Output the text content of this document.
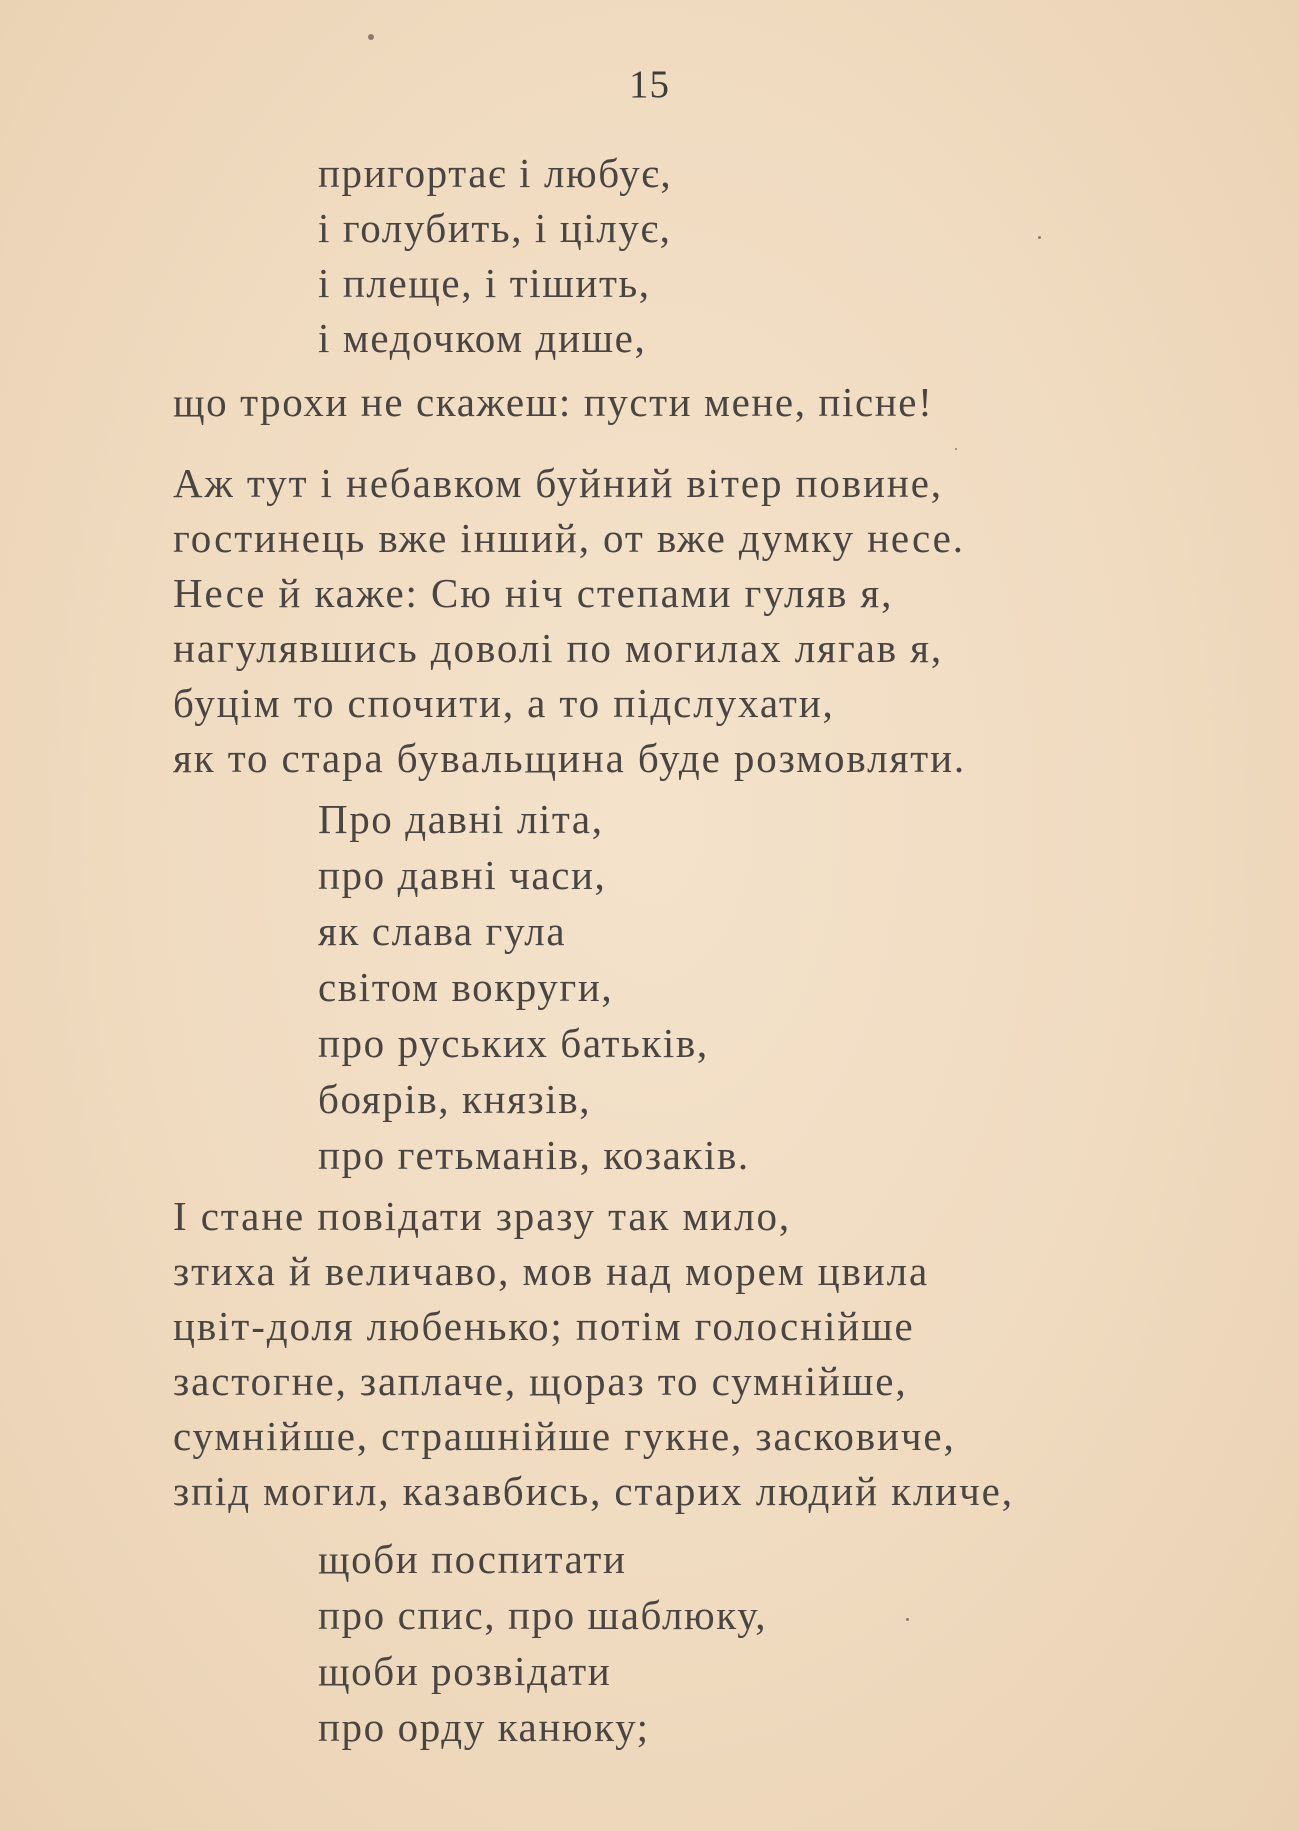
15
пригортає і любує,
і голубить, і цілує,
і плеще, і тішить,
і медочком дише,
що трохи не скажеш: пусти мене, пісне!
Аж тут і небавком буйний вітер повине,
гостинець вже інший, от вже думку несе.
Несе й каже: Сю ніч степами гуляв я,
нагулявшись доволі по могилах лягав я,
буцім то спочити, а то підслухати,
як то стара бувальщина буде розмовляти.
Про давні літа,
про давні часи,
як слава гула
світом вокруги,
про руських батьків,
боярів, князів,
про гетьманів, козаків.
І стане повідати зразу так мило,
зтиха й величаво, мов над морем цвила
цвіт-доля любенько; потім голоснійше
застогне, заплаче, щораз то сумнійше,
сумнійше, страшнійше гукне, засковиче,
зпід могил, казавбись, старих людий кличе,
щоби поспитати
про спис, про шаблюку,
щоби розвідати
про орду канюку;
